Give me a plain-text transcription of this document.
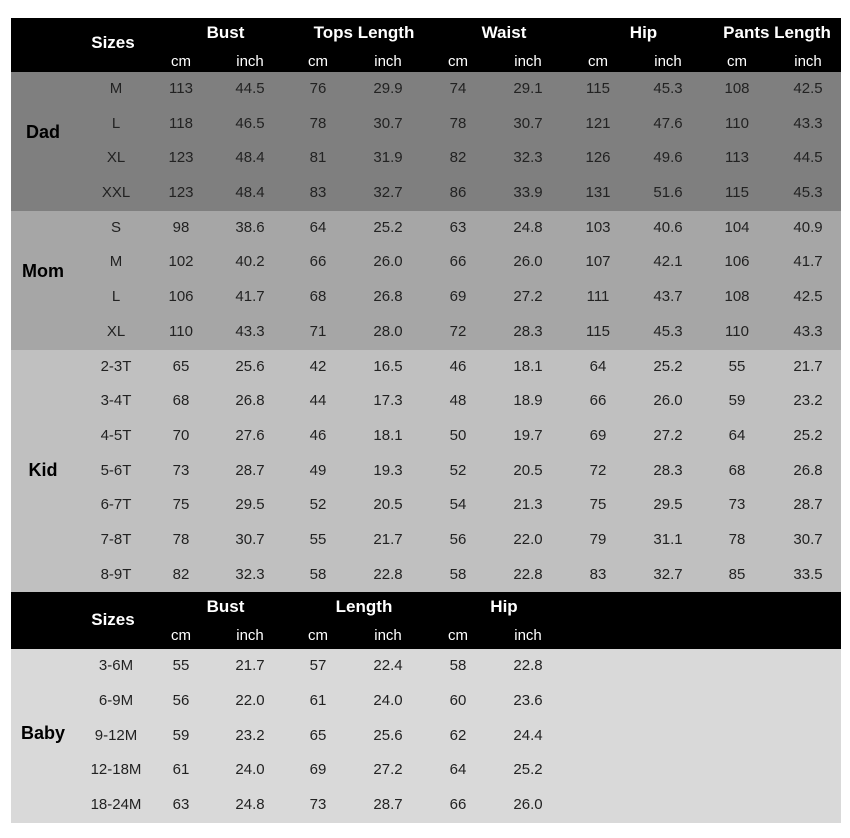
Sizes
Bust	Tops Length	Waist	Hip	Pants Length
cm	inch	cm	inch	cm	inch	cm	inch	cm	inch
Dad
M	113	44.5	76	29.9	74	29.1	115	45.3	108	42.5
L	118	46.5	78	30.7	78	30.7	121	47.6	110	43.3
XL	123	48.4	81	31.9	82	32.3	126	49.6	113	44.5
XXL	123	48.4	83	32.7	86	33.9	131	51.6	115	45.3
Mom
S	98	38.6	64	25.2	63	24.8	103	40.6	104	40.9
M	102	40.2	66	26.0	66	26.0	107	42.1	106	41.7
L	106	41.7	68	26.8	69	27.2	111	43.7	108	42.5
XL	110	43.3	71	28.0	72	28.3	115	45.3	110	43.3
Kid
2-3T	65	25.6	42	16.5	46	18.1	64	25.2	55	21.7
3-4T	68	26.8	44	17.3	48	18.9	66	26.0	59	23.2
4-5T	70	27.6	46	18.1	50	19.7	69	27.2	64	25.2
5-6T	73	28.7	49	19.3	52	20.5	72	28.3	68	26.8
6-7T	75	29.5	52	20.5	54	21.3	75	29.5	73	28.7
7-8T	78	30.7	55	21.7	56	22.0	79	31.1	78	30.7
8-9T	82	32.3	58	22.8	58	22.8	83	32.7	85	33.5
Sizes
Bust	Length	Hip
cm	inch	cm	inch	cm	inch
Baby
3-6M	55	21.7	57	22.4	58	22.8
6-9M	56	22.0	61	24.0	60	23.6
9-12M	59	23.2	65	25.6	62	24.4
12-18M	61	24.0	69	27.2	64	25.2
18-24M	63	24.8	73	28.7	66	26.0
